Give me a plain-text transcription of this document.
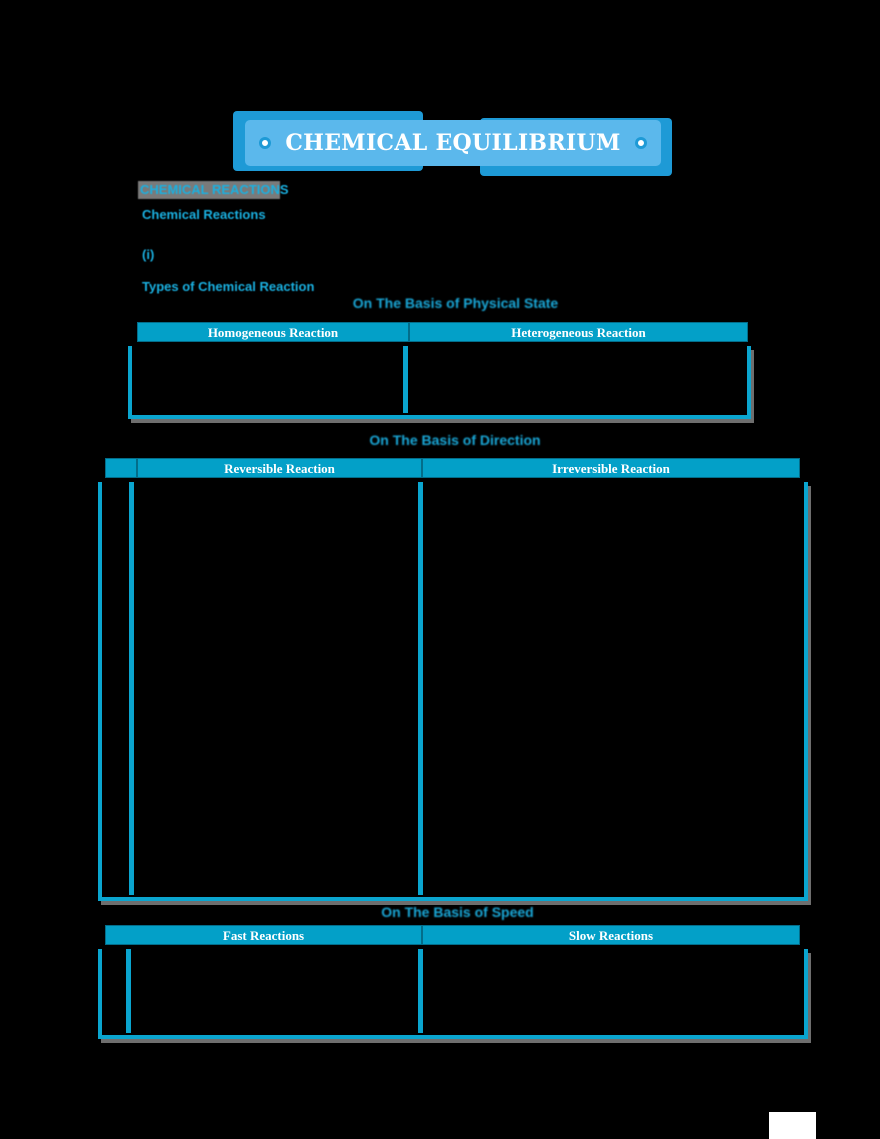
CHEMICAL EQUILIBRIUM
CHEMICAL REACTIONS
Chemical Reactions
(i)
Types of Chemical Reaction
On The Basis of Physical State
Homogeneous Reaction	Heterogeneous Reaction
On The Basis of Direction
Reversible Reaction	Irreversible Reaction
On The Basis of Speed
Fast Reactions	Slow Reactions
